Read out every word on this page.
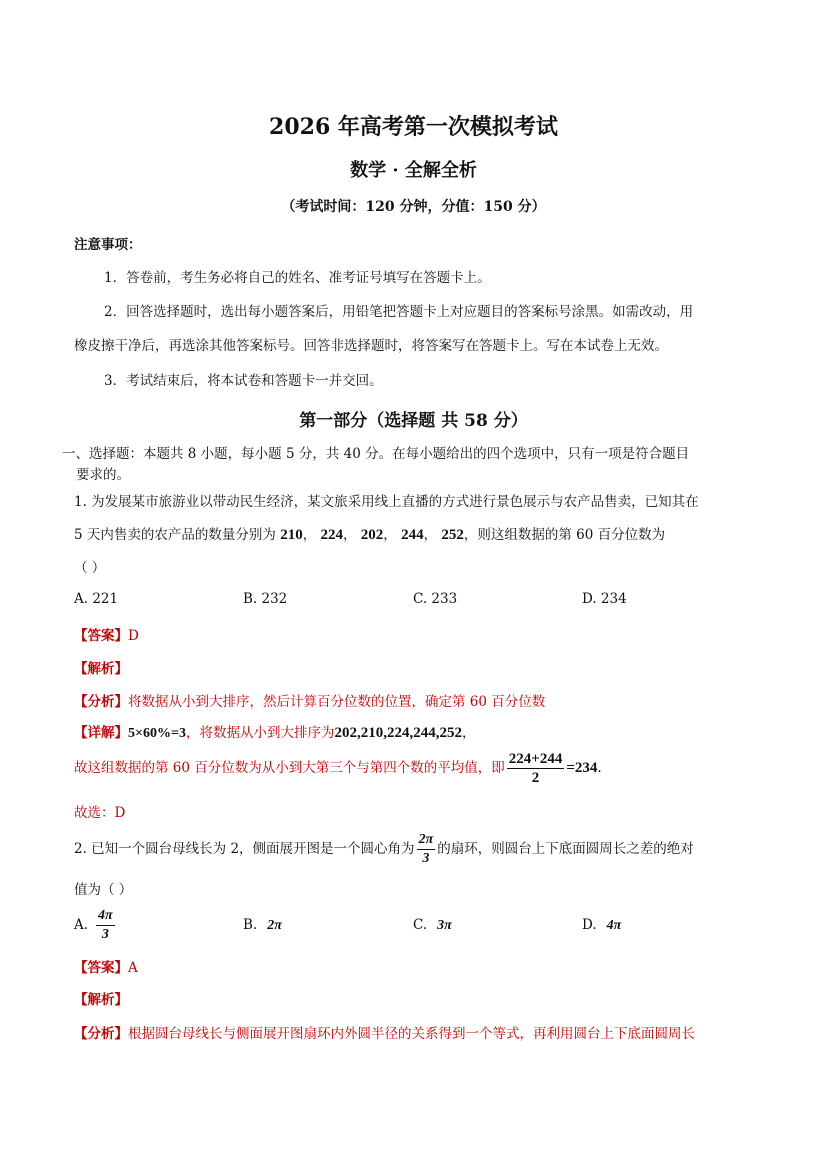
2026 年高考第一次模拟考试
数学 · 全解全析
（考试时间：120 分钟，分值：150 分）
注意事项：
1．答卷前，考生务必将自己的姓名、准考证号填写在答题卡上。
2．回答选择题时，选出每小题答案后，用铅笔把答题卡上对应题目的答案标号涂黑。如需改动，用
橡皮擦干净后，再选涂其他答案标号。回答非选择题时，将答案写在答题卡上。写在本试卷上无效。
3．考试结束后，将本试卷和答题卡一并交回。
第一部分（选择题 共 58 分）
一、选择题：本题共 8 小题，每小题 5 分，共 40 分。在每小题给出的四个选项中，只有一项是符合题目
要求的。
1. 为发展某市旅游业以带动民生经济，某文旅采用线上直播的方式进行景色展示与农产品售卖，已知其在
5 天内售卖的农产品的数量分别为 210， 224， 202， 244， 252，则这组数据的第 60 百分位数为
（ ）
A. 221	B. 232	C. 233	D. 234
【答案】D
【解析】
【分析】将数据从小到大排序，然后计算百分位数的位置，确定第 60 百分位数
【详解】5×60%=3，将数据从小到大排序为202,210,224,244,252，
故这组数据的第 60 百分位数为从小到大第三个与第四个数的平均值，即 $\frac{224+244}{2} =234$.
故选：D
2. 已知一个圆台母线长为 2，侧面展开图是一个圆心角为 $\frac{2\pi}{3}$ 的扇环，则圆台上下底面圆周长之差的绝对
值为（ ）
A. $\frac{4\pi}{3}$	B. 2π	C. 3π	D. 4π
【答案】A
【解析】
【分析】根据圆台母线长与侧面展开图扇环内外圆半径的关系得到一个等式，再利用圆台上下底面圆周长
